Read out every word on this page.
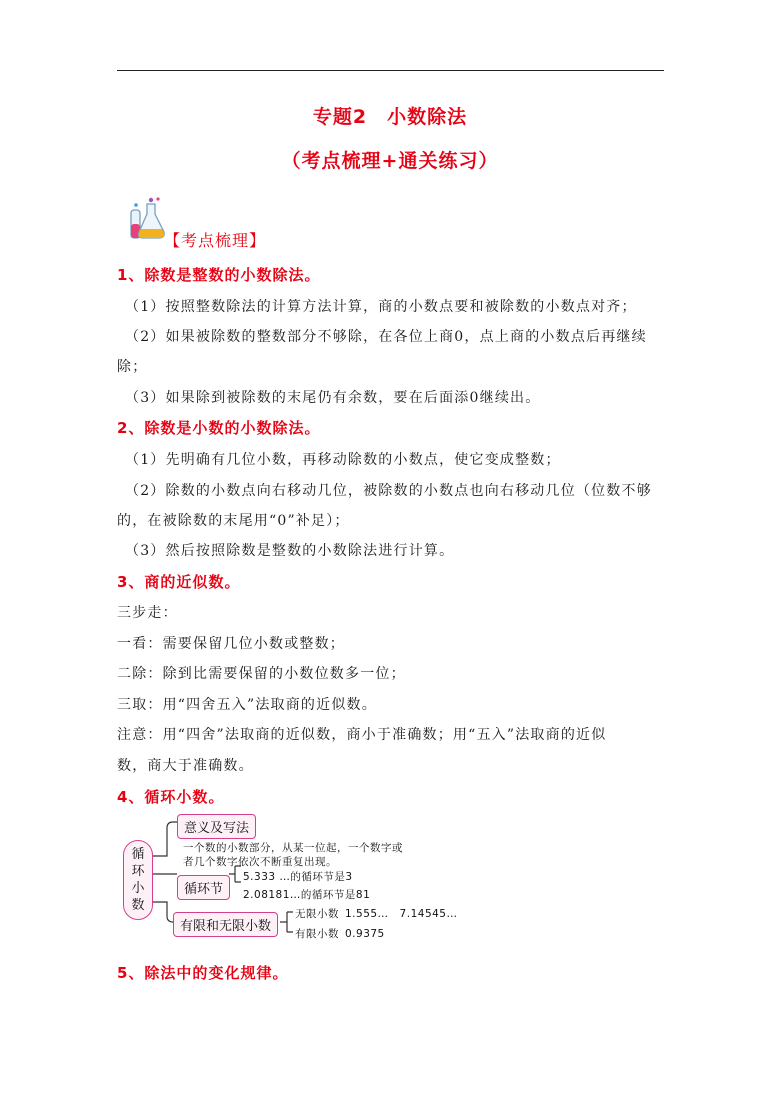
专题2　小数除法
（考点梳理+通关练习）
【考点梳理】
1、除数是整数的小数除法。
（1）按照整数除法的计算方法计算，商的小数点要和被除数的小数点对齐；
（2）如果被除数的整数部分不够除，在各位上商0，点上商的小数点后再继续
除；
（3）如果除到被除数的末尾仍有余数，要在后面添0继续出。
2、除数是小数的小数除法。
（1）先明确有几位小数，再移动除数的小数点，使它变成整数；
（2）除数的小数点向右移动几位，被除数的小数点也向右移动几位（位数不够
的，在被除数的末尾用“0”补足）；
（3）然后按照除数是整数的小数除法进行计算。
3、商的近似数。
三步走：
一看：需要保留几位小数或整数；
二除：除到比需要保留的小数位数多一位；
三取：用“四舍五入”法取商的近似数。
注意：用“四舍”法取商的近似数，商小于准确数；用“五入”法取商的近似
数，商大于准确数。
4、循环小数。
循
环
小
数
意义及写法
一个数的小数部分，从某一位起，一个数字或
者几个数字依次不断重复出现。
循环节
5.333 …的循环节是3
2.08181…的循环节是81
有限和无限小数
无限小数 1.555…　7.14545…
有限小数 0.9375
5、除法中的变化规律。
